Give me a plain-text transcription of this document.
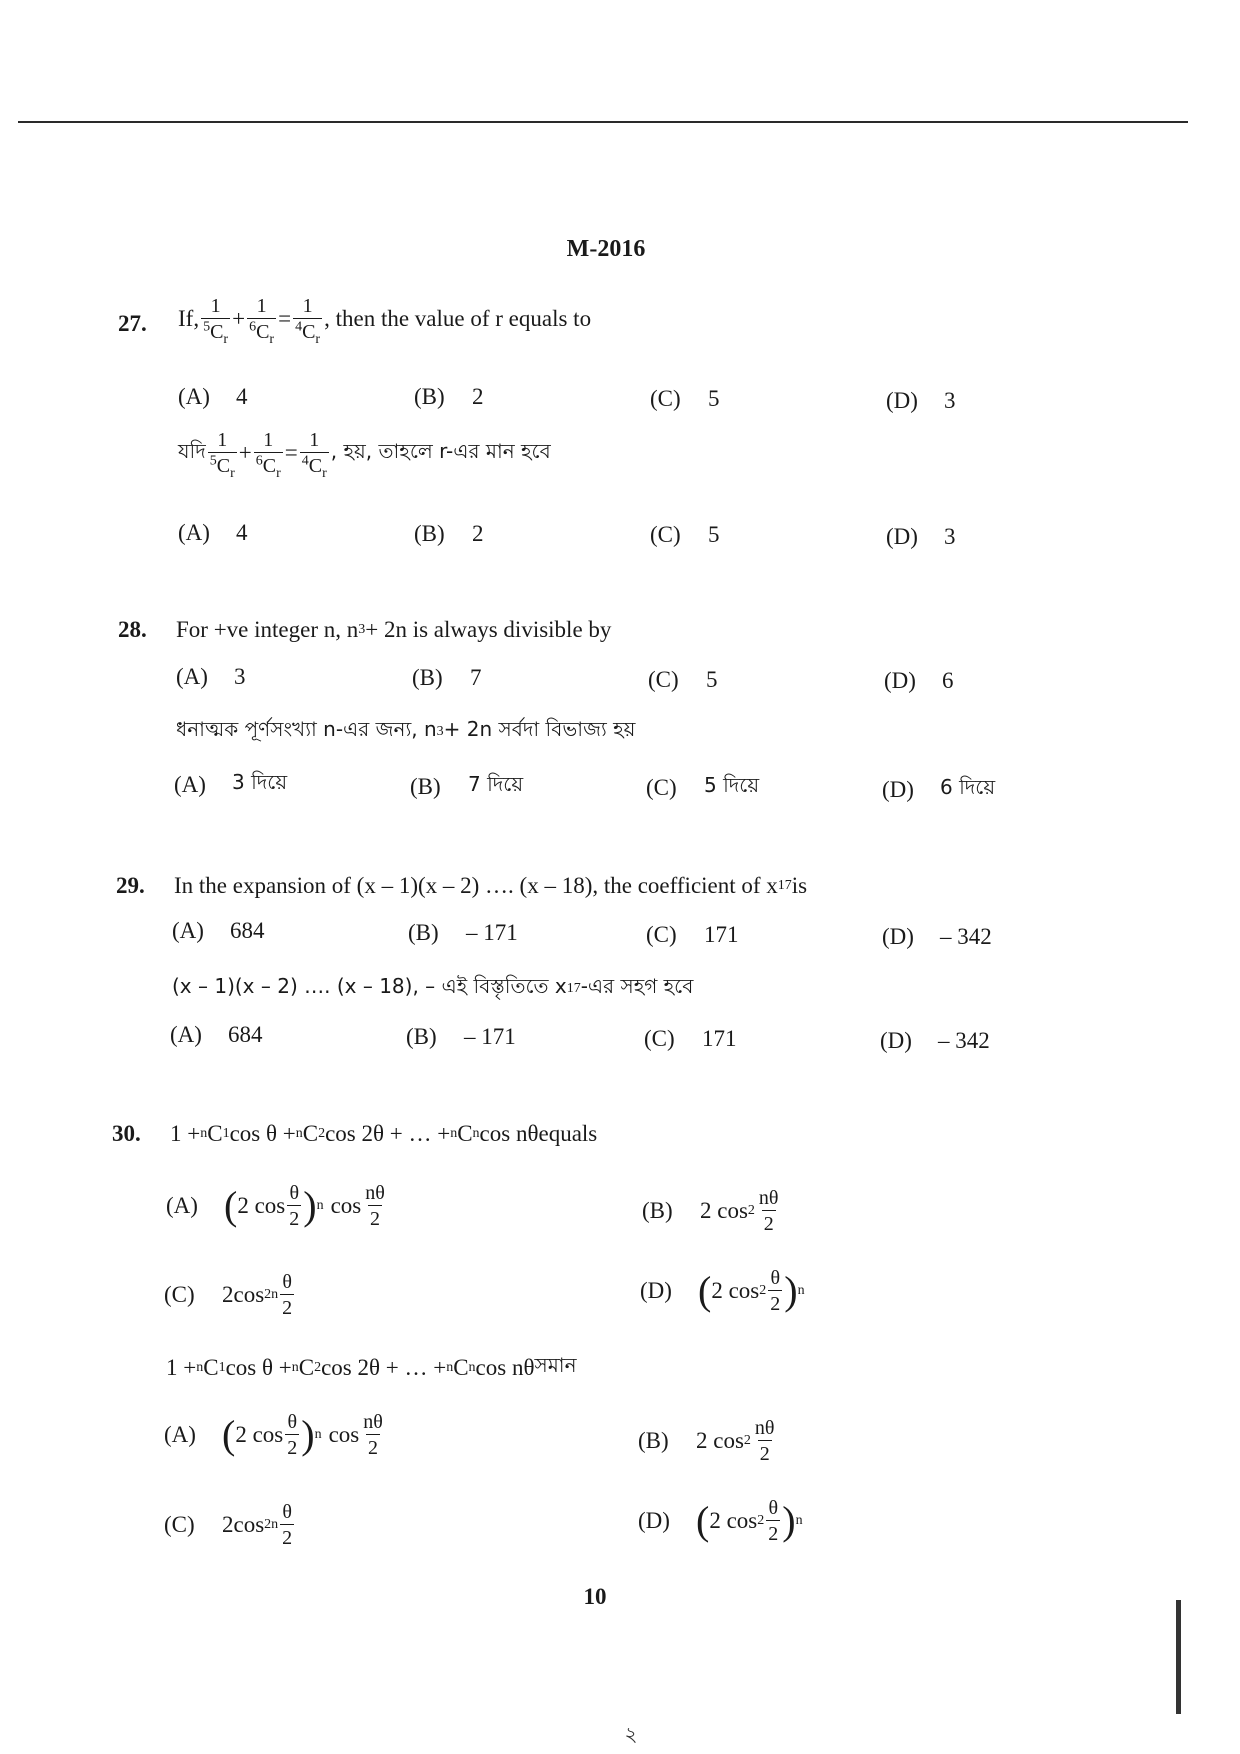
M-2016
27. If, $\frac{1}{^5C_r} + \frac{1}{^6C_r} = \frac{1}{^4C_r}$ , then the value of r equals to
(A)	4	(B)	2	(C)	5	(D)	3
যদি $\frac{1}{^5C_r} + \frac{1}{^6C_r} = \frac{1}{^4C_r}$ , হয়, তাহলে r-এর মান হবে
(A)	4	(B)	2	(C)	5	(D)	3
28. For +ve integer n, n 3 + 2n is always divisible by
(A)	3	(B)	7	(C)	5	(D)	6
ধনাত্মক পূর্ণসংখ্যা n-এর জন্য, n 3 + 2n সর্বদা বিভাজ্য হয়
(A)	3 দিয়ে	(B)	7 দিয়ে	(C)	5 দিয়ে	(D)	6 দিয়ে
29. In the expansion of (x – 1)(x – 2) …. (x – 18), the coefficient of x 17 is
(A)	684	(B)	– 171	(C)	171	(D)	– 342
(x – 1)(x – 2) …. (x – 18), – এই বিস্তৃতিতে x 17 -এর সহগ হবে
(A)	684	(B)	– 171	(C)	171	(D)	– 342
30. 1 + n C 1 cos θ + n C 2 cos 2θ + … + n C n cos nθ equals
(A) ( 2 $\cos \frac{\theta}{2}$ ) n $\cos \frac{n\theta}{2}$	(B)	2 $\cos 2 \frac{n\theta}{2}$
(C)	2cos $2n \frac{\theta}{2}$	(D) ( 2 $\cos 2 \frac{\theta}{2}$ ) n
1 + n C 1 cos θ + n C 2 cos 2θ + … + n C n cos nθ সমান
(A) ( 2 $\cos \frac{\theta}{2}$ ) n $\cos \frac{n\theta}{2}$	(B)	2 $\cos 2 \frac{n\theta}{2}$
(C)	2cos $2n \frac{\theta}{2}$	(D) ( 2 $\cos 2 \frac{\theta}{2}$ ) n
10
২
